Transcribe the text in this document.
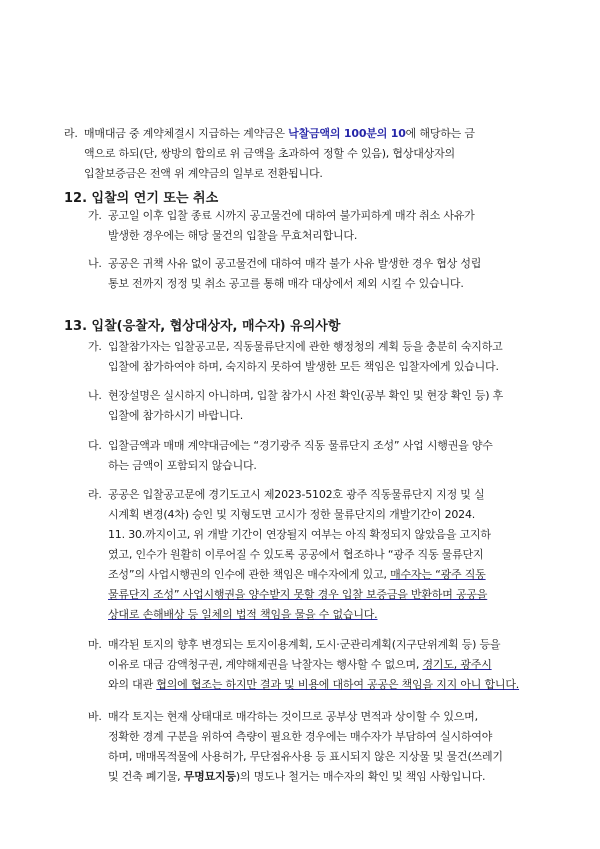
라. 매매대금 중 계약체결시 지급하는 계약금은 낙찰금액의 100분의 10에 해당하는 금
액으로 하되(단, 쌍방의 합의로 위 금액을 초과하여 정할 수 있음), 협상대상자의
입찰보증금은 전액 위 계약금의 일부로 전환됩니다.
12. 입찰의 연기 또는 취소
가. 공고일 이후 입찰 종료 시까지 공고물건에 대하여 불가피하게 매각 취소 사유가
발생한 경우에는 해당 물건의 입찰을 무효처리합니다.
나. 공공은 귀책 사유 없이 공고물건에 대하여 매각 불가 사유 발생한 경우 협상 성립
통보 전까지 정정 및 취소 공고를 통해 매각 대상에서 제외 시킬 수 있습니다.
13. 입찰(응찰자, 협상대상자, 매수자) 유의사항
가. 입찰참가자는 입찰공고문, 직동물류단지에 관한 행정청의 계획 등을 충분히 숙지하고
입찰에 참가하여야 하며, 숙지하지 못하여 발생한 모든 책임은 입찰자에게 있습니다.
나. 현장설명은 실시하지 아니하며, 입찰 참가시 사전 확인(공부 확인 및 현장 확인 등) 후
입찰에 참가하시기 바랍니다.
다. 입찰금액과 매매 계약대금에는 “경기광주 직동 물류단지 조성” 사업 시행권을 양수
하는 금액이 포함되지 않습니다.
라. 공공은 입찰공고문에 경기도고시 제2023-5102호 광주 직동물류단지 지정 및 실
시계획 변경(4차) 승인 및 지형도면 고시가 정한 물류단지의 개발기간이 2024.
11. 30.까지이고, 위 개발 기간이 연장될지 여부는 아직 확정되지 않았음을 고지하
였고, 인수가 원활히 이루어질 수 있도록 공공에서 협조하나 “광주 직동 물류단지
조성”의 사업시행권의 인수에 관한 책임은 매수자에게 있고, 매수자는 “광주 직동
물류단지 조성” 사업시행권을 양수받지 못할 경우 입찰 보증금을 반환하며 공공을
상대로 손해배상 등 일체의 법적 책임을 물을 수 없습니다.
마. 매각된 토지의 향후 변경되는 토지이용계획, 도시·군관리계획(지구단위계획 등) 등을
이유로 대금 감액청구권, 계약해제권을 낙찰자는 행사할 수 없으며, 경기도, 광주시
와의 대관 협의에 협조는 하지만 결과 및 비용에 대하여 공공은 책임을 지지 아니 합니다.
바. 매각 토지는 현재 상태대로 매각하는 것이므로 공부상 면적과 상이할 수 있으며,
정확한 경계 구분을 위하여 측량이 필요한 경우에는 매수자가 부담하여 실시하여야
하며, 매매목적물에 사용허가, 무단점유사용 등 표시되지 않은 지상물 및 물건(쓰레기
및 건축 폐기물, 무명묘지등)의 명도나 철거는 매수자의 확인 및 책임 사항입니다.
